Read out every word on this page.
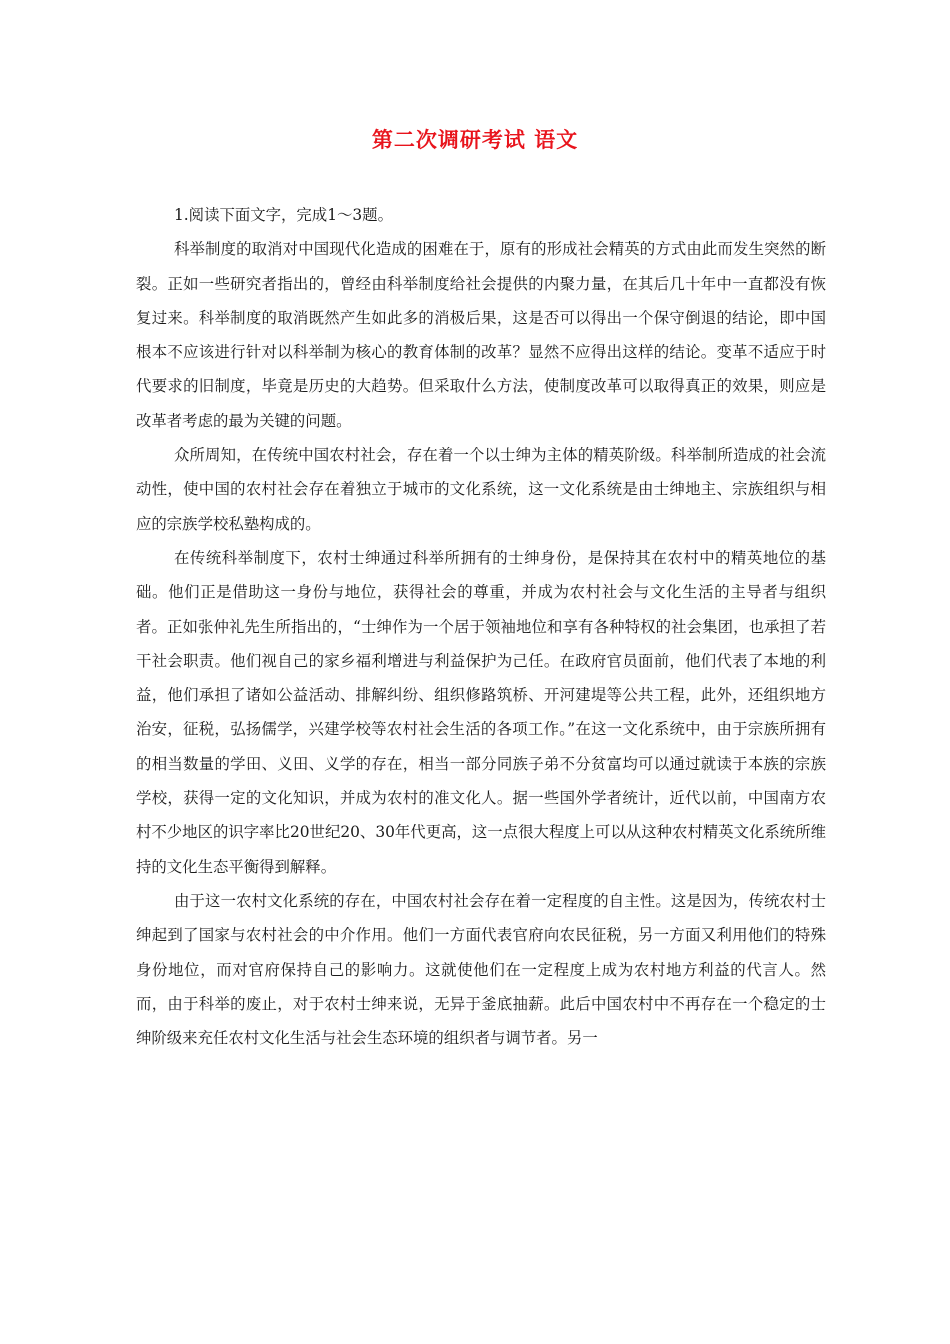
第二次调研考试 语文

1.阅读下面文字，完成1～3题。

科举制度的取消对中国现代化造成的困难在于，原有的形成社会精英的方式由此而发生突然的断裂。正如一些研究者指出的，曾经由科举制度给社会提供的内聚力量，在其后几十年中一直都没有恢复过来。科举制度的取消既然产生如此多的消极后果，这是否可以得出一个保守倒退的结论，即中国根本不应该进行针对以科举制为核心的教育体制的改革？显然不应得出这样的结论。变革不适应于时代要求的旧制度，毕竟是历史的大趋势。但采取什么方法，使制度改革可以取得真正的效果，则应是改革者考虑的最为关键的问题。

众所周知，在传统中国农村社会，存在着一个以士绅为主体的精英阶级。科举制所造成的社会流动性，使中国的农村社会存在着独立于城市的文化系统，这一文化系统是由士绅地主、宗族组织与相应的宗族学校私塾构成的。

在传统科举制度下，农村士绅通过科举所拥有的士绅身份，是保持其在农村中的精英地位的基础。他们正是借助这一身份与地位，获得社会的尊重，并成为农村社会与文化生活的主导者与组织者。正如张仲礼先生所指出的，“士绅作为一个居于领袖地位和享有各种特权的社会集团，也承担了若干社会职责。他们视自己的家乡福利增进与利益保护为己任。在政府官员面前，他们代表了本地的利益，他们承担了诸如公益活动、排解纠纷、组织修路筑桥、开河建堤等公共工程，此外，还组织地方治安，征税，弘扬儒学，兴建学校等农村社会生活的各项工作。”在这一文化系统中，由于宗族所拥有的相当数量的学田、义田、义学的存在，相当一部分同族子弟不分贫富均可以通过就读于本族的宗族学校，获得一定的文化知识，并成为农村的准文化人。据一些国外学者统计，近代以前，中国南方农村不少地区的识字率比20世纪20、30年代更高，这一点很大程度上可以从这种农村精英文化系统所维持的文化生态平衡得到解释。

由于这一农村文化系统的存在，中国农村社会存在着一定程度的自主性。这是因为，传统农村士绅起到了国家与农村社会的中介作用。他们一方面代表官府向农民征税，另一方面又利用他们的特殊身份地位，而对官府保持自己的影响力。这就使他们在一定程度上成为农村地方利益的代言人。然而，由于科举的废止，对于农村士绅来说，无异于釜底抽薪。此后中国农村中不再存在一个稳定的士绅阶级来充任农村文化生活与社会生态环境的组织者与调节者。另一
